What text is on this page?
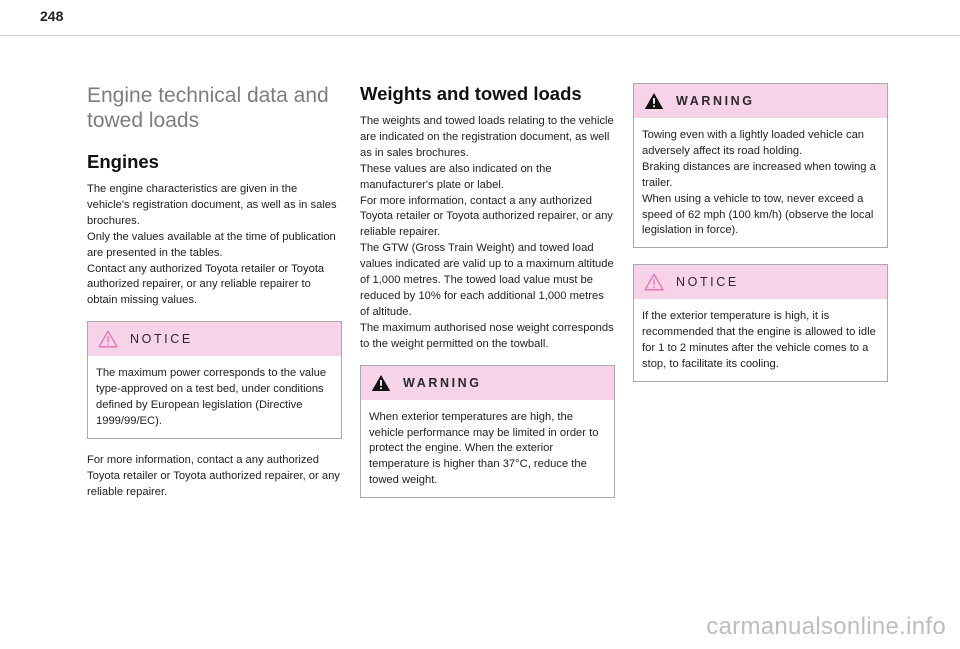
248
Engine technical data and towed loads
Engines

The engine characteristics are given in the vehicle's registration document, as well as in sales brochures.
Only the values available at the time of publication are presented in the tables.
Contact any authorized Toyota retailer or Toyota authorized repairer, or any reliable repairer to obtain missing values.

NOTICE

The maximum power corresponds to the value type-approved on a test bed, under conditions defined by European legislation (Directive 1999/99/EC).

For more information, contact a any authorized Toyota retailer or Toyota authorized repairer, or any reliable repairer.

Weights and towed loads

The weights and towed loads relating to the vehicle are indicated on the registration document, as well as in sales brochures.
These values are also indicated on the manufacturer's plate or label.
For more information, contact a any authorized Toyota retailer or Toyota authorized repairer, or any reliable repairer.
The GTW (Gross Train Weight) and towed load values indicated are valid up to a maximum altitude of 1,000 metres. The towed load value must be reduced by 10% for each additional 1,000 metres of altitude.
The maximum authorised nose weight corresponds to the weight permitted on the towball.

WARNING

When exterior temperatures are high, the vehicle performance may be limited in order to protect the engine. When the exterior temperature is higher than 37°C, reduce the towed weight.

WARNING

Towing even with a lightly loaded vehicle can adversely affect its road holding.
Braking distances are increased when towing a trailer.
When using a vehicle to tow, never exceed a speed of 62 mph (100 km/h) (observe the local legislation in force).

NOTICE

If the exterior temperature is high, it is recommended that the engine is allowed to idle for 1 to 2 minutes after the vehicle comes to a stop, to facilitate its cooling.

carmanualsonline.info
